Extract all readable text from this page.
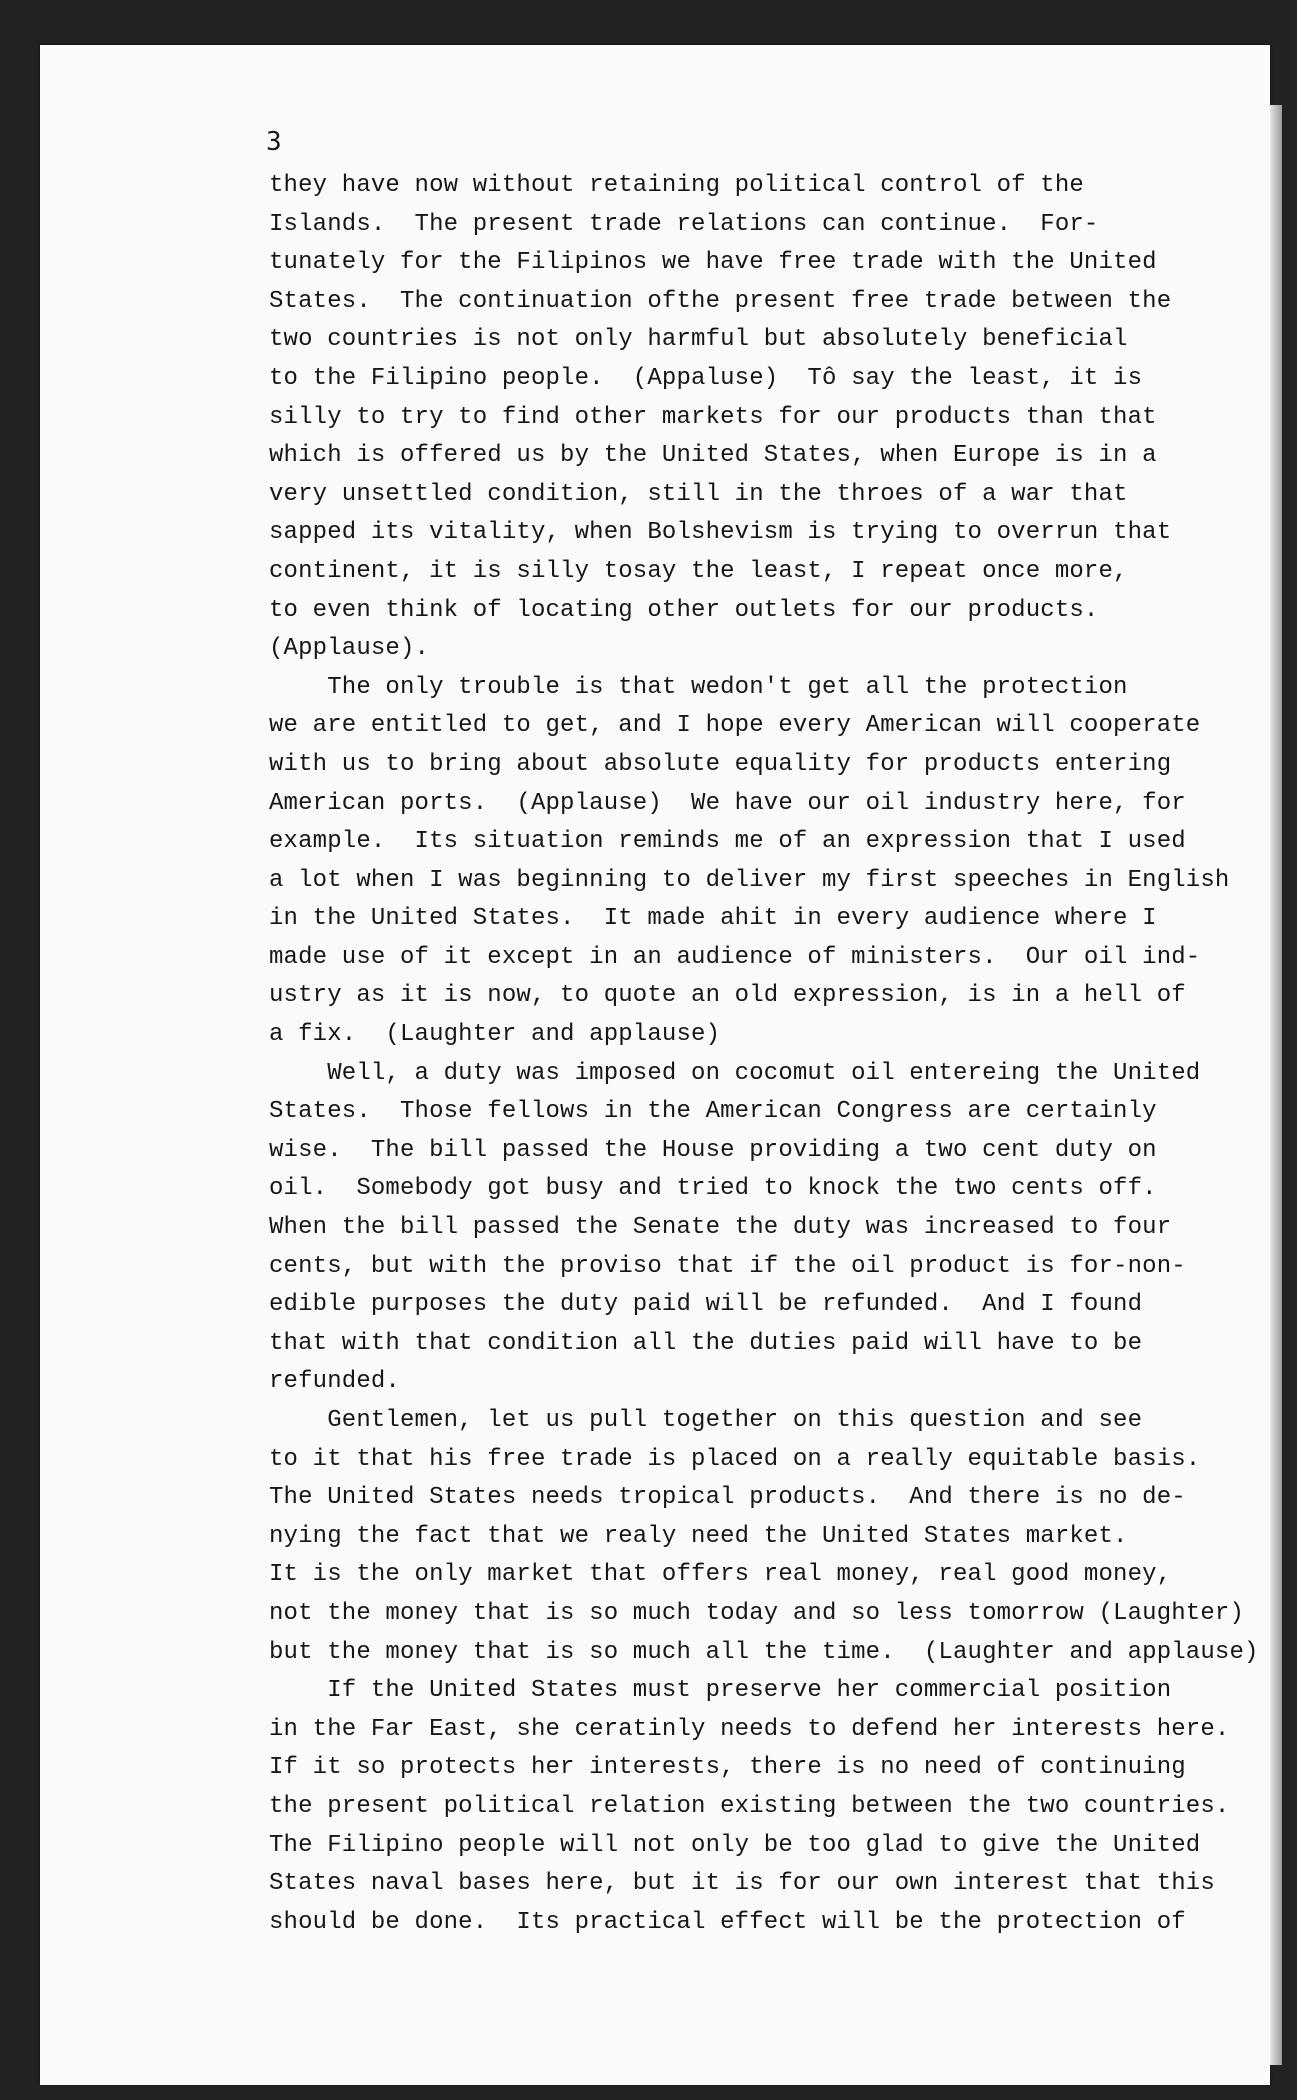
3
they have now without retaining political control of the
Islands.  The present trade relations can continue.  For-
tunately for the Filipinos we have free trade with the United
States.  The continuation ofthe present free trade between the
two countries is not only harmful but absolutely beneficial
to the Filipino people.  (Appaluse)  Tô say the least, it is
silly to try to find other markets for our products than that
which is offered us by the United States, when Europe is in a
very unsettled condition, still in the throes of a war that
sapped its vitality, when Bolshevism is trying to overrun that
continent, it is silly tosay the least, I repeat once more,
to even think of locating other outlets for our products.
(Applause).
The only trouble is that wedon't get all the protection
we are entitled to get, and I hope every American will cooperate
with us to bring about absolute equality for products entering
American ports.  (Applause)  We have our oil industry here, for
example.  Its situation reminds me of an expression that I used
a lot when I was beginning to deliver my first speeches in English
in the United States.  It made ahit in every audience where I
made use of it except in an audience of ministers.  Our oil ind-
ustry as it is now, to quote an old expression, is in a hell of
a fix.  (Laughter and applause)
Well, a duty was imposed on cocomut oil entereing the United
States.  Those fellows in the American Congress are certainly
wise.  The bill passed the House providing a two cent duty on
oil.  Somebody got busy and tried to knock the two cents off.
When the bill passed the Senate the duty was increased to four
cents, but with the proviso that if the oil product is for-non-
edible purposes the duty paid will be refunded.  And I found
that with that condition all the duties paid will have to be
refunded.
Gentlemen, let us pull together on this question and see
to it that his free trade is placed on a really equitable basis.
The United States needs tropical products.  And there is no de-
nying the fact that we realy need the United States market.
It is the only market that offers real money, real good money,
not the money that is so much today and so less tomorrow (Laughter)
but the money that is so much all the time.  (Laughter and applause)
If the United States must preserve her commercial position
in the Far East, she ceratinly needs to defend her interests here.
If it so protects her interests, there is no need of continuing
the present political relation existing between the two countries.
The Filipino people will not only be too glad to give the United
States naval bases here, but it is for our own interest that this
should be done.  Its practical effect will be the protection of
